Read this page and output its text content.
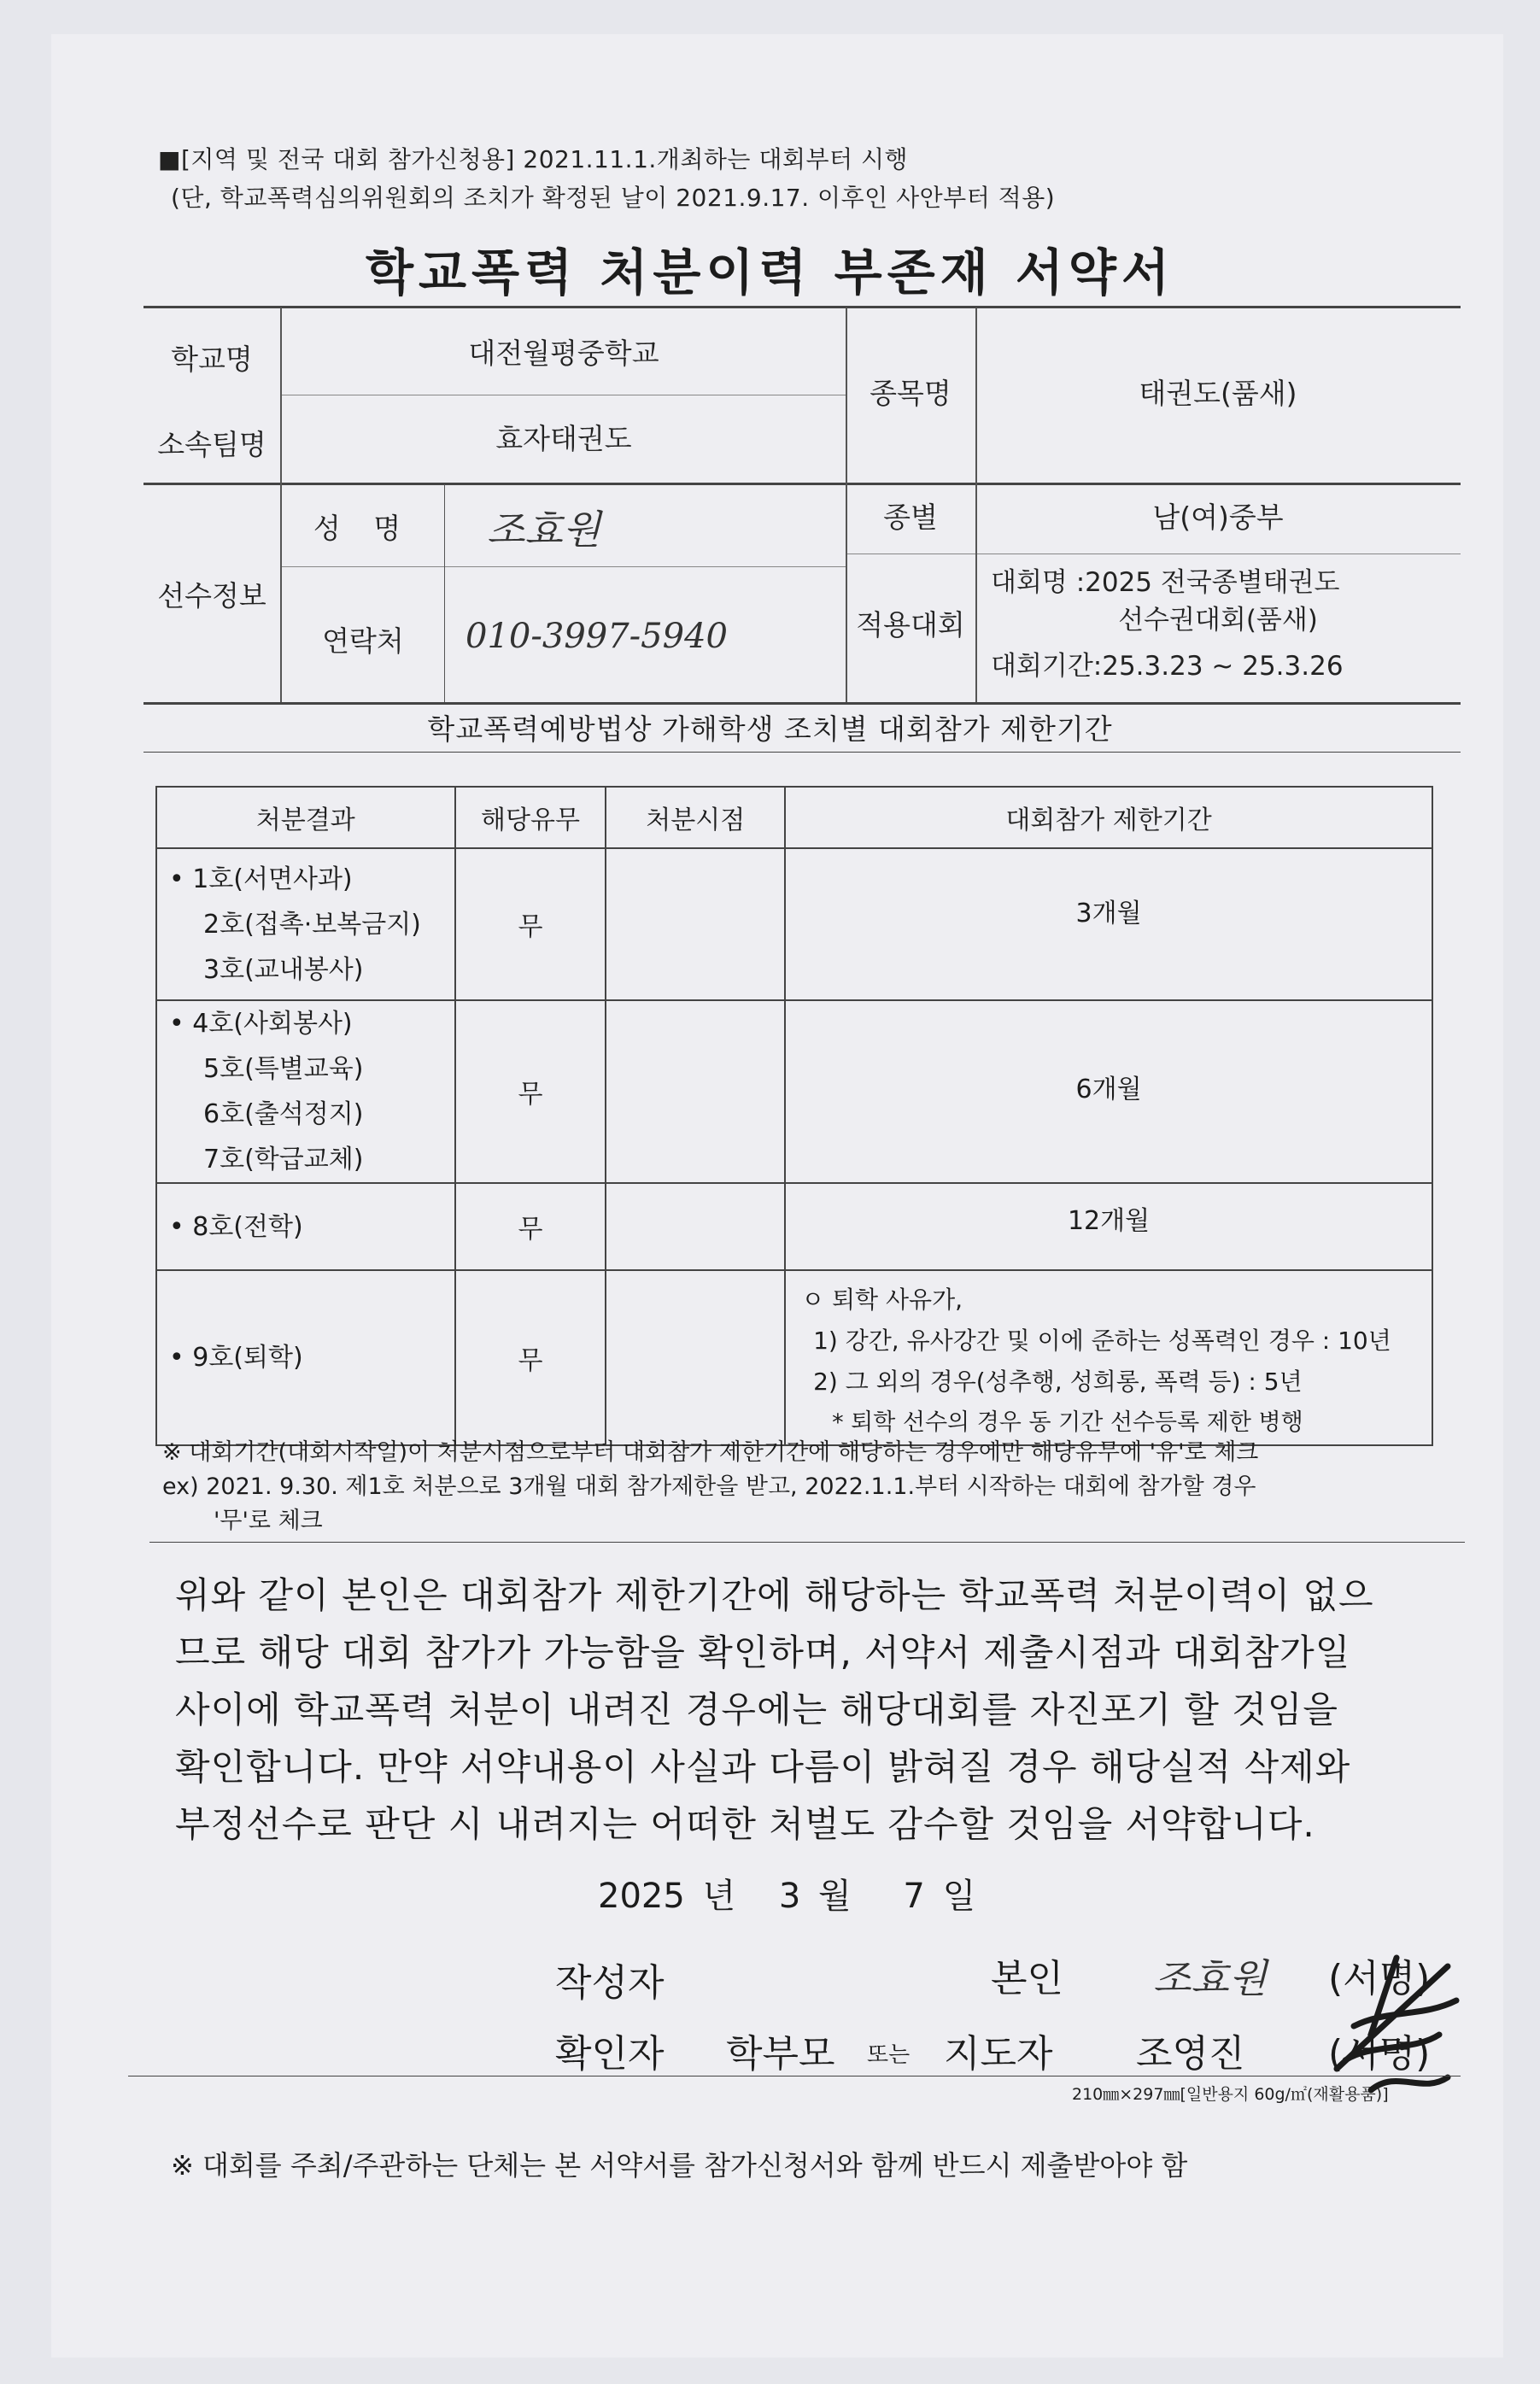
■[지역 및 전국 대회 참가신청용] 2021.11.1.개최하는 대회부터 시행
(단, 학교폭력심의위원회의 조치가 확정된 날이 2021.9.17. 이후인 사안부터 적용)
학교폭력 처분이력 부존재 서약서
학교명	대전월평중학교
소속팀명	효자태권도
종목명	태권도(품새)
선수정보
성 명	조효원
연락처	010-3997-5940
종별	남(여)중부
적용대회
대회명 :2025 전국종별태권도
선수권대회(품새)
대회기간:25.3.23 ~ 25.3.26
학교폭력예방법상 가해학생 조치별 대회참가 제한기간
처분결과	해당유무	처분시점	대회참가 제한기간

• 1호(서면사과)
2호(접촉·보복금지)
3호(교내봉사)	무		3개월

• 4호(사회봉사)
5호(특별교육)
6호(출석정지)
7호(학급교체)	무		6개월

• 8호(전학)	무		12개월

• 9호(퇴학)	무		ㅇ 퇴학 사유가,
1) 강간, 유사강간 및 이에 준하는 성폭력인 경우 : 10년
2) 그 외의 경우(성추행, 성희롱, 폭력 등) : 5년
* 퇴학 선수의 경우 동 기간 선수등록 제한 병행
※ 대회기간(대회시작일)이 처분시점으로부터 대회참가 제한기간에 해당하는 경우에만 해당유무에 '유'로 체크
ex) 2021. 9.30. 제1호 처분으로 3개월 대회 참가제한을 받고, 2022.1.1.부터 시작하는 대회에 참가할 경우
'무'로 체크
위와 같이 본인은 대회참가 제한기간에 해당하는 학교폭력 처분이력이 없으
므로 해당 대회 참가가 가능함을 확인하며, 서약서 제출시점과 대회참가일
사이에 학교폭력 처분이 내려진 경우에는 해당대회를 자진포기 할 것임을
확인합니다. 만약 서약내용이 사실과 다름이 밝혀질 경우 해당실적 삭제와
부정선수로 판단 시 내려지는 어떠한 처벌도 감수할 것임을 서약합니다.
2025 년 3 월 7 일
작성자	본인 조효원 (서명)
확인자 학부모 또는 지도자 조영진 (서명)
210㎜×297㎜[일반용지 60g/㎡(재활용품)]
※ 대회를 주최/주관하는 단체는 본 서약서를 참가신청서와 함께 반드시 제출받아야 함
